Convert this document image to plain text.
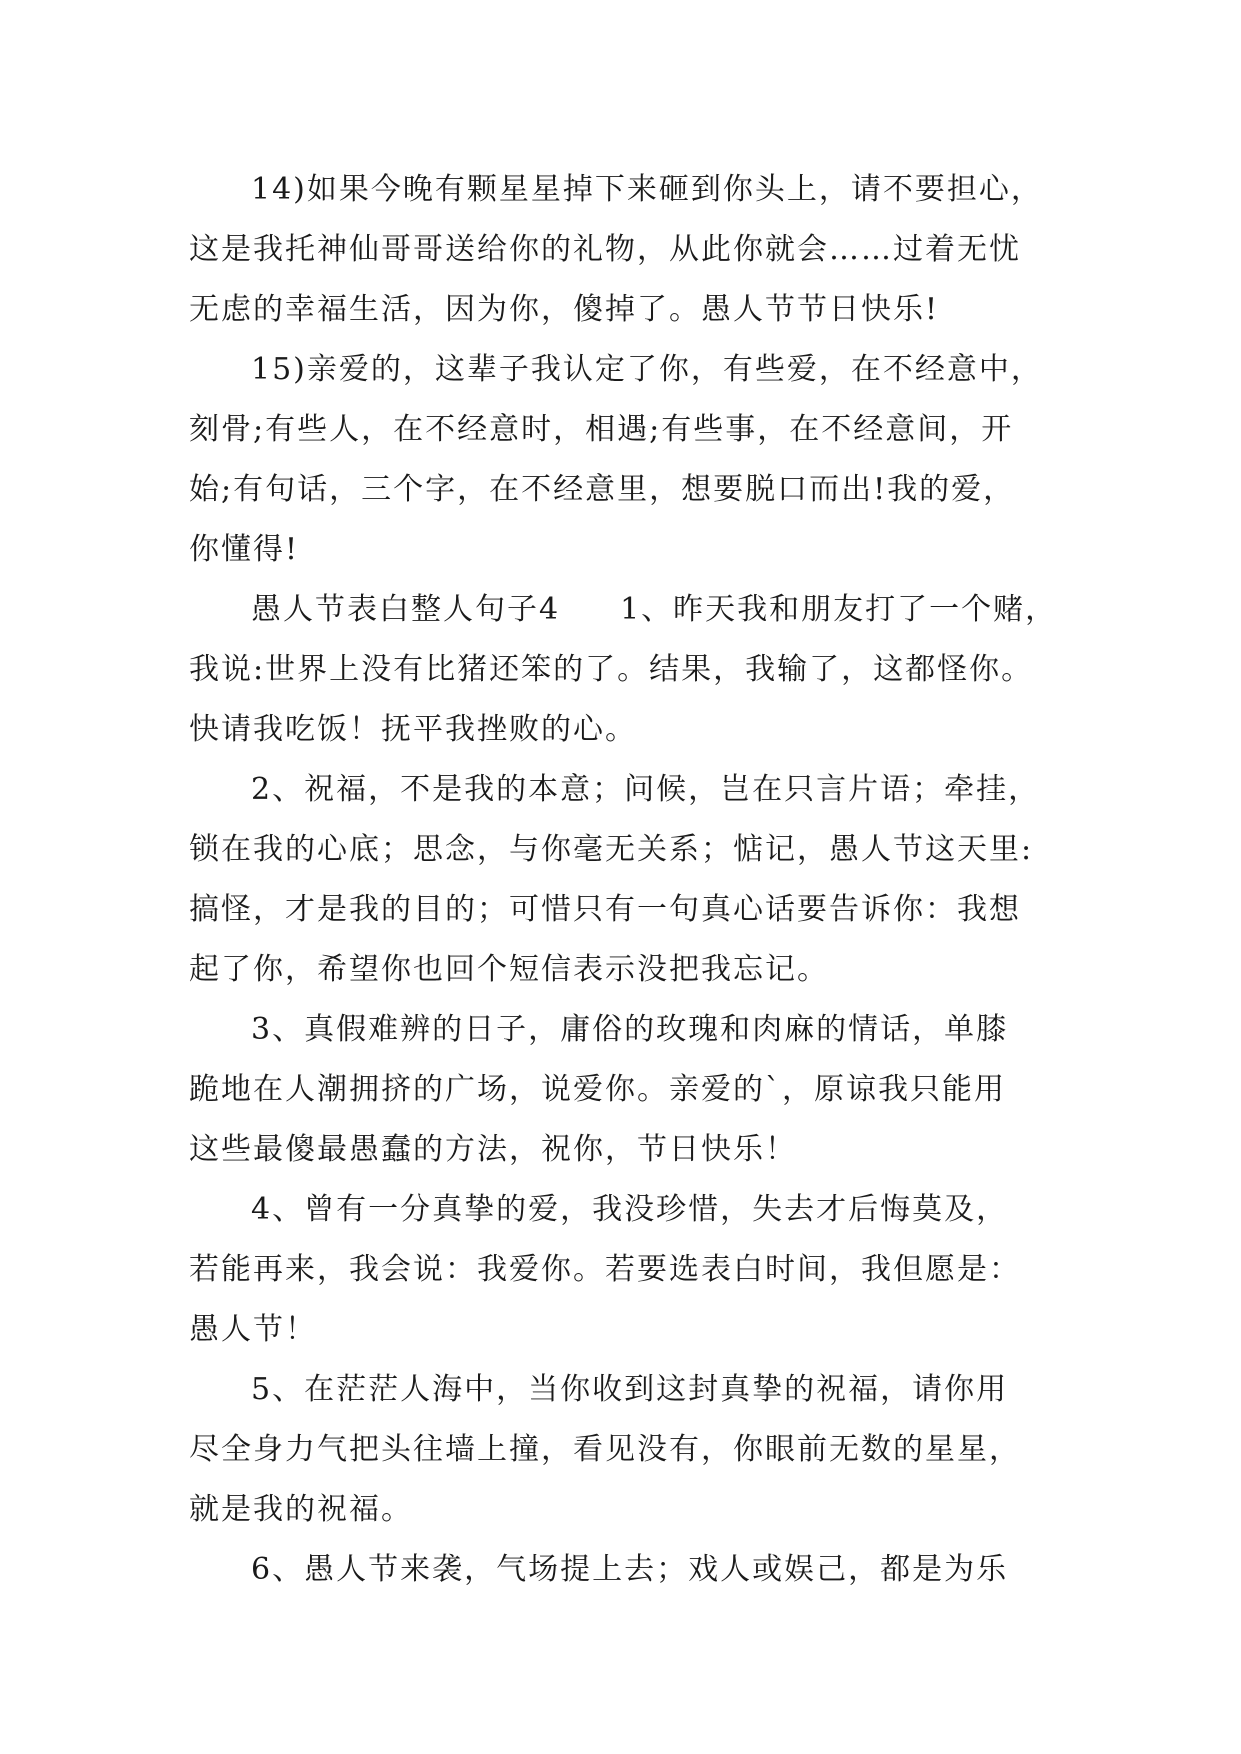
14)如果今晚有颗星星掉下来砸到你头上，请不要担心，
这是我托神仙哥哥送给你的礼物，从此你就会……过着无忧
无虑的幸福生活，因为你，傻掉了。愚人节节日快乐!
15)亲爱的，这辈子我认定了你，有些爱，在不经意中，
刻骨;有些人，在不经意时，相遇;有些事，在不经意间，开
始;有句话，三个字，在不经意里，想要脱口而出!我的爱，
你懂得!
愚人节表白整人句子4 1、昨天我和朋友打了一个赌，
我说:世界上没有比猪还笨的了。结果，我输了，这都怪你。
快请我吃饭！抚平我挫败的心。
2、祝福，不是我的本意；问候，岂在只言片语；牵挂，
锁在我的心底；思念，与你毫无关系；惦记，愚人节这天里:
搞怪，才是我的目的；可惜只有一句真心话要告诉你：我想
起了你，希望你也回个短信表示没把我忘记。
3、真假难辨的日子，庸俗的玫瑰和肉麻的情话，单膝
跪地在人潮拥挤的广场，说爱你。亲爱的`，原谅我只能用
这些最傻最愚蠢的方法，祝你，节日快乐！
4、曾有一分真挚的爱，我没珍惜，失去才后悔莫及，
若能再来，我会说：我爱你。若要选表白时间，我但愿是：
愚人节！
5、在茫茫人海中，当你收到这封真挚的祝福，请你用
尽全身力气把头往墙上撞，看见没有，你眼前无数的星星，
就是我的祝福。
6、愚人节来袭，气场提上去；戏人或娱己，都是为乐
